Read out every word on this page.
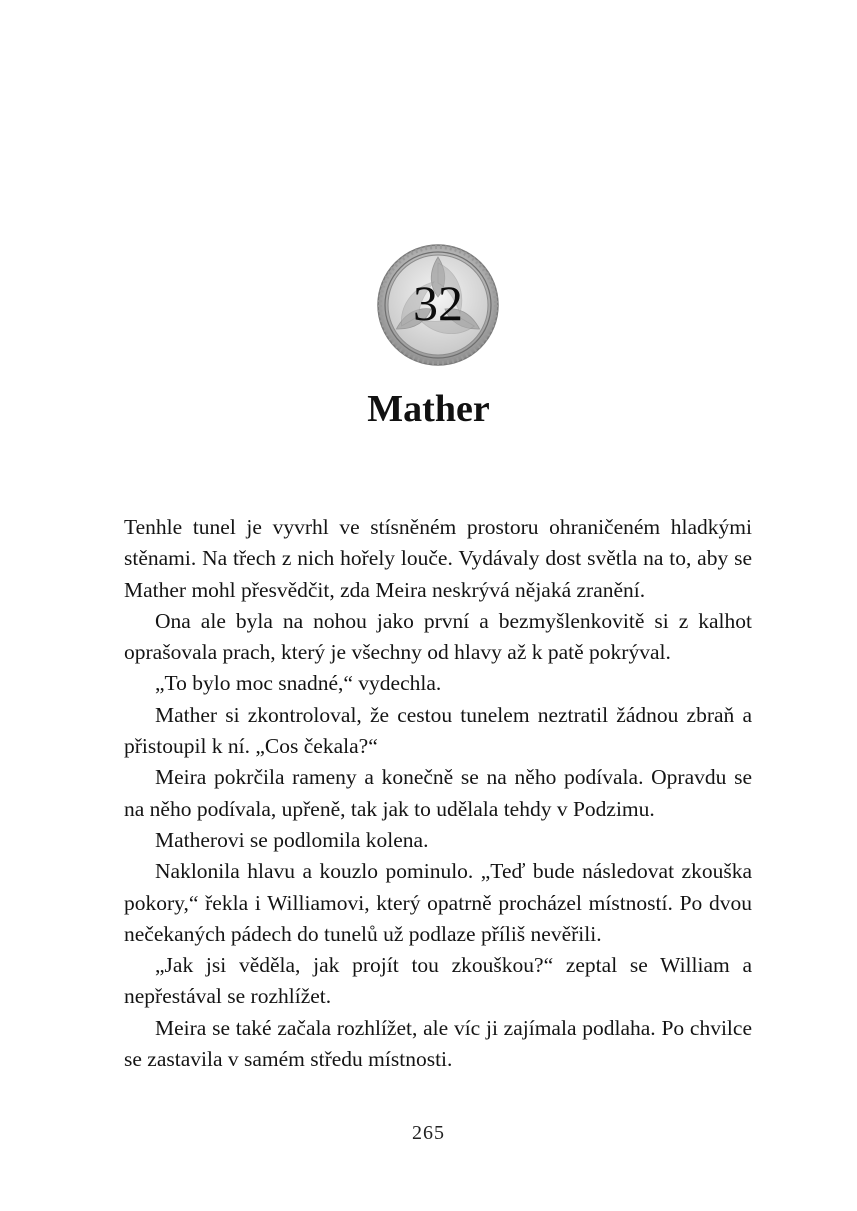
32
Mather

Tenhle tunel je vyvrhl ve stísněném prostoru ohraničeném hladkými stěnami. Na třech z nich hořely louče. Vydávaly dost světla na to, aby se Mather mohl přesvědčit, zda Meira neskrývá nějaká zranění.

Ona ale byla na nohou jako první a bezmyšlenkovitě si z kalhot oprašovala prach, který je všechny od hlavy až k patě pokrýval.

„To bylo moc snadné,“ vydechla.

Mather si zkontroloval, že cestou tunelem neztratil žádnou zbraň a přistoupil k ní. „Cos čekala?“

Meira pokrčila rameny a konečně se na něho podívala. Opravdu se na něho podívala, upřeně, tak jak to udělala tehdy v Podzimu.

Matherovi se podlomila kolena.

Naklonila hlavu a kouzlo pominulo. „Teď bude následovat zkouška pokory,“ řekla i Williamovi, který opatrně procházel místností. Po dvou nečekaných pádech do tunelů už podlaze příliš nevěřili.

„Jak jsi věděla, jak projít tou zkouškou?“ zeptal se William a nepřestával se rozhlížet.

Meira se také začala rozhlížet, ale víc ji zajímala podlaha. Po chvilce se zastavila v samém středu místnosti.

265
